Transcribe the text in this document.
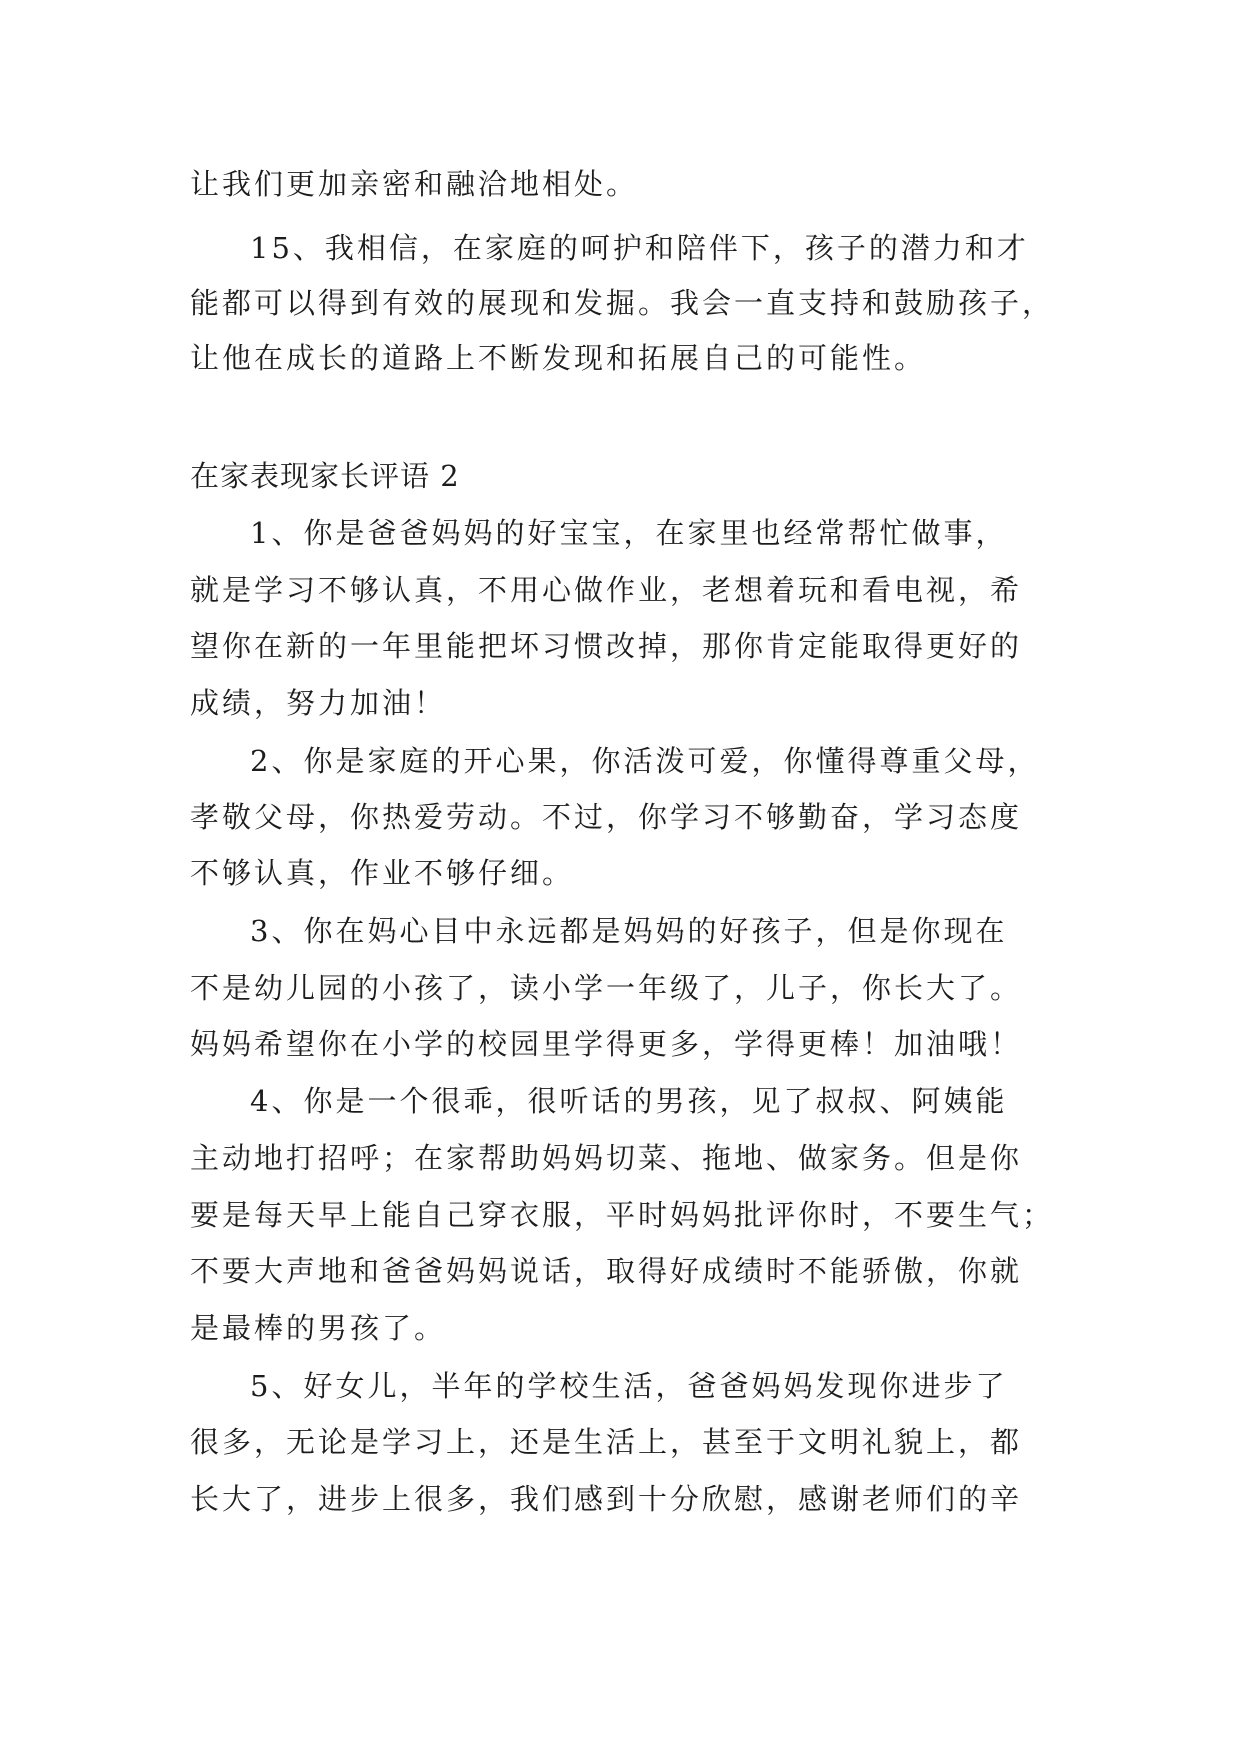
让我们更加亲密和融洽地相处。
15、我相信，在家庭的呵护和陪伴下，孩子的潜力和才
能都可以得到有效的展现和发掘。我会一直支持和鼓励孩子，
让他在成长的道路上不断发现和拓展自己的可能性。
在家表现家长评语 2
1、你是爸爸妈妈的好宝宝，在家里也经常帮忙做事，
就是学习不够认真，不用心做作业，老想着玩和看电视，希
望你在新的一年里能把坏习惯改掉，那你肯定能取得更好的
成绩，努力加油！
2、你是家庭的开心果，你活泼可爱，你懂得尊重父母，
孝敬父母，你热爱劳动。不过，你学习不够勤奋，学习态度
不够认真，作业不够仔细。
3、你在妈心目中永远都是妈妈的好孩子，但是你现在
不是幼儿园的小孩了，读小学一年级了，儿子，你长大了。
妈妈希望你在小学的校园里学得更多，学得更棒！加油哦！
4、你是一个很乖，很听话的男孩，见了叔叔、阿姨能
主动地打招呼；在家帮助妈妈切菜、拖地、做家务。但是你
要是每天早上能自己穿衣服，平时妈妈批评你时，不要生气；
不要大声地和爸爸妈妈说话，取得好成绩时不能骄傲，你就
是最棒的男孩了。
5、好女儿，半年的学校生活，爸爸妈妈发现你进步了
很多，无论是学习上，还是生活上，甚至于文明礼貌上，都
长大了，进步上很多，我们感到十分欣慰，感谢老师们的辛
